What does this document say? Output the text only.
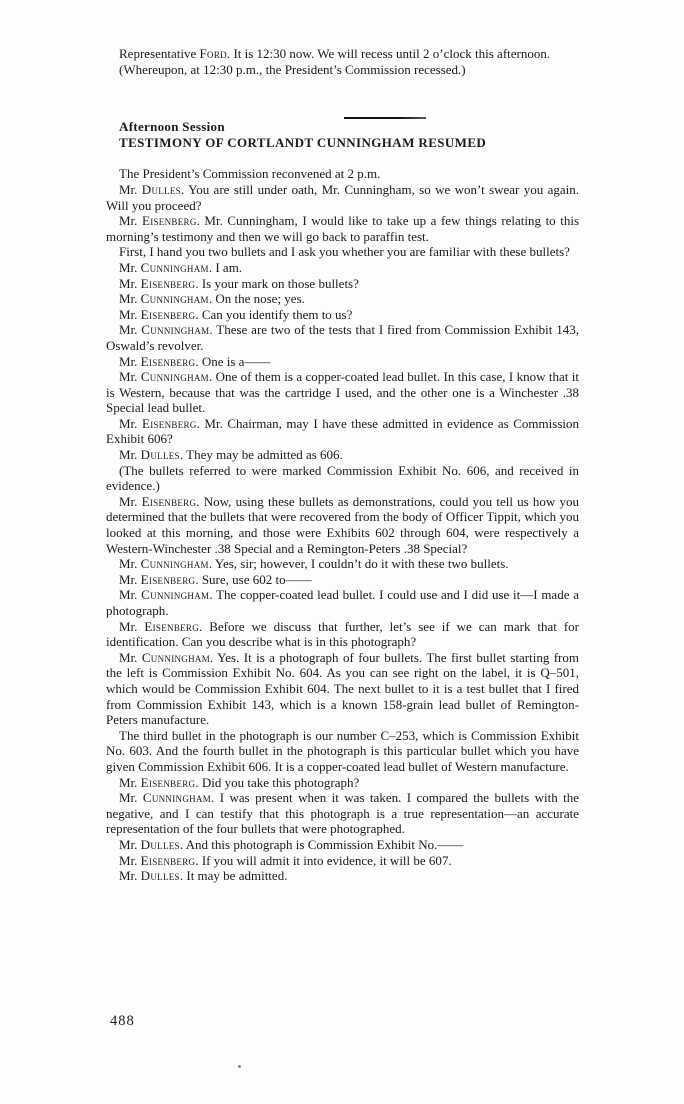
Representative Ford. It is 12:30 now. We will recess until 2 o’clock this afternoon.

(Whereupon, at 12:30 p.m., the President’s Commission recessed.)

Afternoon Session

TESTIMONY OF CORTLANDT CUNNINGHAM RESUMED

The President’s Commission reconvened at 2 p.m.

Mr. Dulles. You are still under oath, Mr. Cunningham, so we won’t swear you again. Will you proceed?

Mr. Eisenberg. Mr. Cunningham, I would like to take up a few things relating to this morning’s testimony and then we will go back to paraffin test.

First, I hand you two bullets and I ask you whether you are familiar with these bullets?

Mr. Cunningham. I am.

Mr. Eisenberg. Is your mark on those bullets?

Mr. Cunningham. On the nose; yes.

Mr. Eisenberg. Can you identify them to us?

Mr. Cunningham. These are two of the tests that I fired from Commission Exhibit 143, Oswald’s revolver.

Mr. Eisenberg. One is a——

Mr. Cunningham. One of them is a copper-coated lead bullet. In this case, I know that it is Western, because that was the cartridge I used, and the other one is a Winchester .38 Special lead bullet.

Mr. Eisenberg. Mr. Chairman, may I have these admitted in evidence as Commission Exhibit 606?

Mr. Dulles. They may be admitted as 606.

(The bullets referred to were marked Commission Exhibit No. 606, and received in evidence.)

Mr. Eisenberg. Now, using these bullets as demonstrations, could you tell us how you determined that the bullets that were recovered from the body of Officer Tippit, which you looked at this morning, and those were Exhibits 602 through 604, were respectively a Western-Winchester .38 Special and a Remington-Peters .38 Special?

Mr. Cunningham. Yes, sir; however, I couldn’t do it with these two bullets.

Mr. Eisenberg. Sure, use 602 to——

Mr. Cunningham. The copper-coated lead bullet. I could use and I did use it—I made a photograph.

Mr. Eisenberg. Before we discuss that further, let’s see if we can mark that for identification. Can you describe what is in this photograph?

Mr. Cunningham. Yes. It is a photograph of four bullets. The first bullet starting from the left is Commission Exhibit No. 604. As you can see right on the label, it is Q–501, which would be Commission Exhibit 604. The next bullet to it is a test bullet that I fired from Commission Exhibit 143, which is a known 158-grain lead bullet of Remington-Peters manufacture.

The third bullet in the photograph is our number C–253, which is Commission Exhibit No. 603. And the fourth bullet in the photograph is this particular bullet which you have given Commission Exhibit 606. It is a copper-coated lead bullet of Western manufacture.

Mr. Eisenberg. Did you take this photograph?

Mr. Cunningham. I was present when it was taken. I compared the bullets with the negative, and I can testify that this photograph is a true representation—an accurate representation of the four bullets that were photographed.

Mr. Dulles. And this photograph is Commission Exhibit No.——

Mr. Eisenberg. If you will admit it into evidence, it will be 607.

Mr. Dulles. It may be admitted.

488
